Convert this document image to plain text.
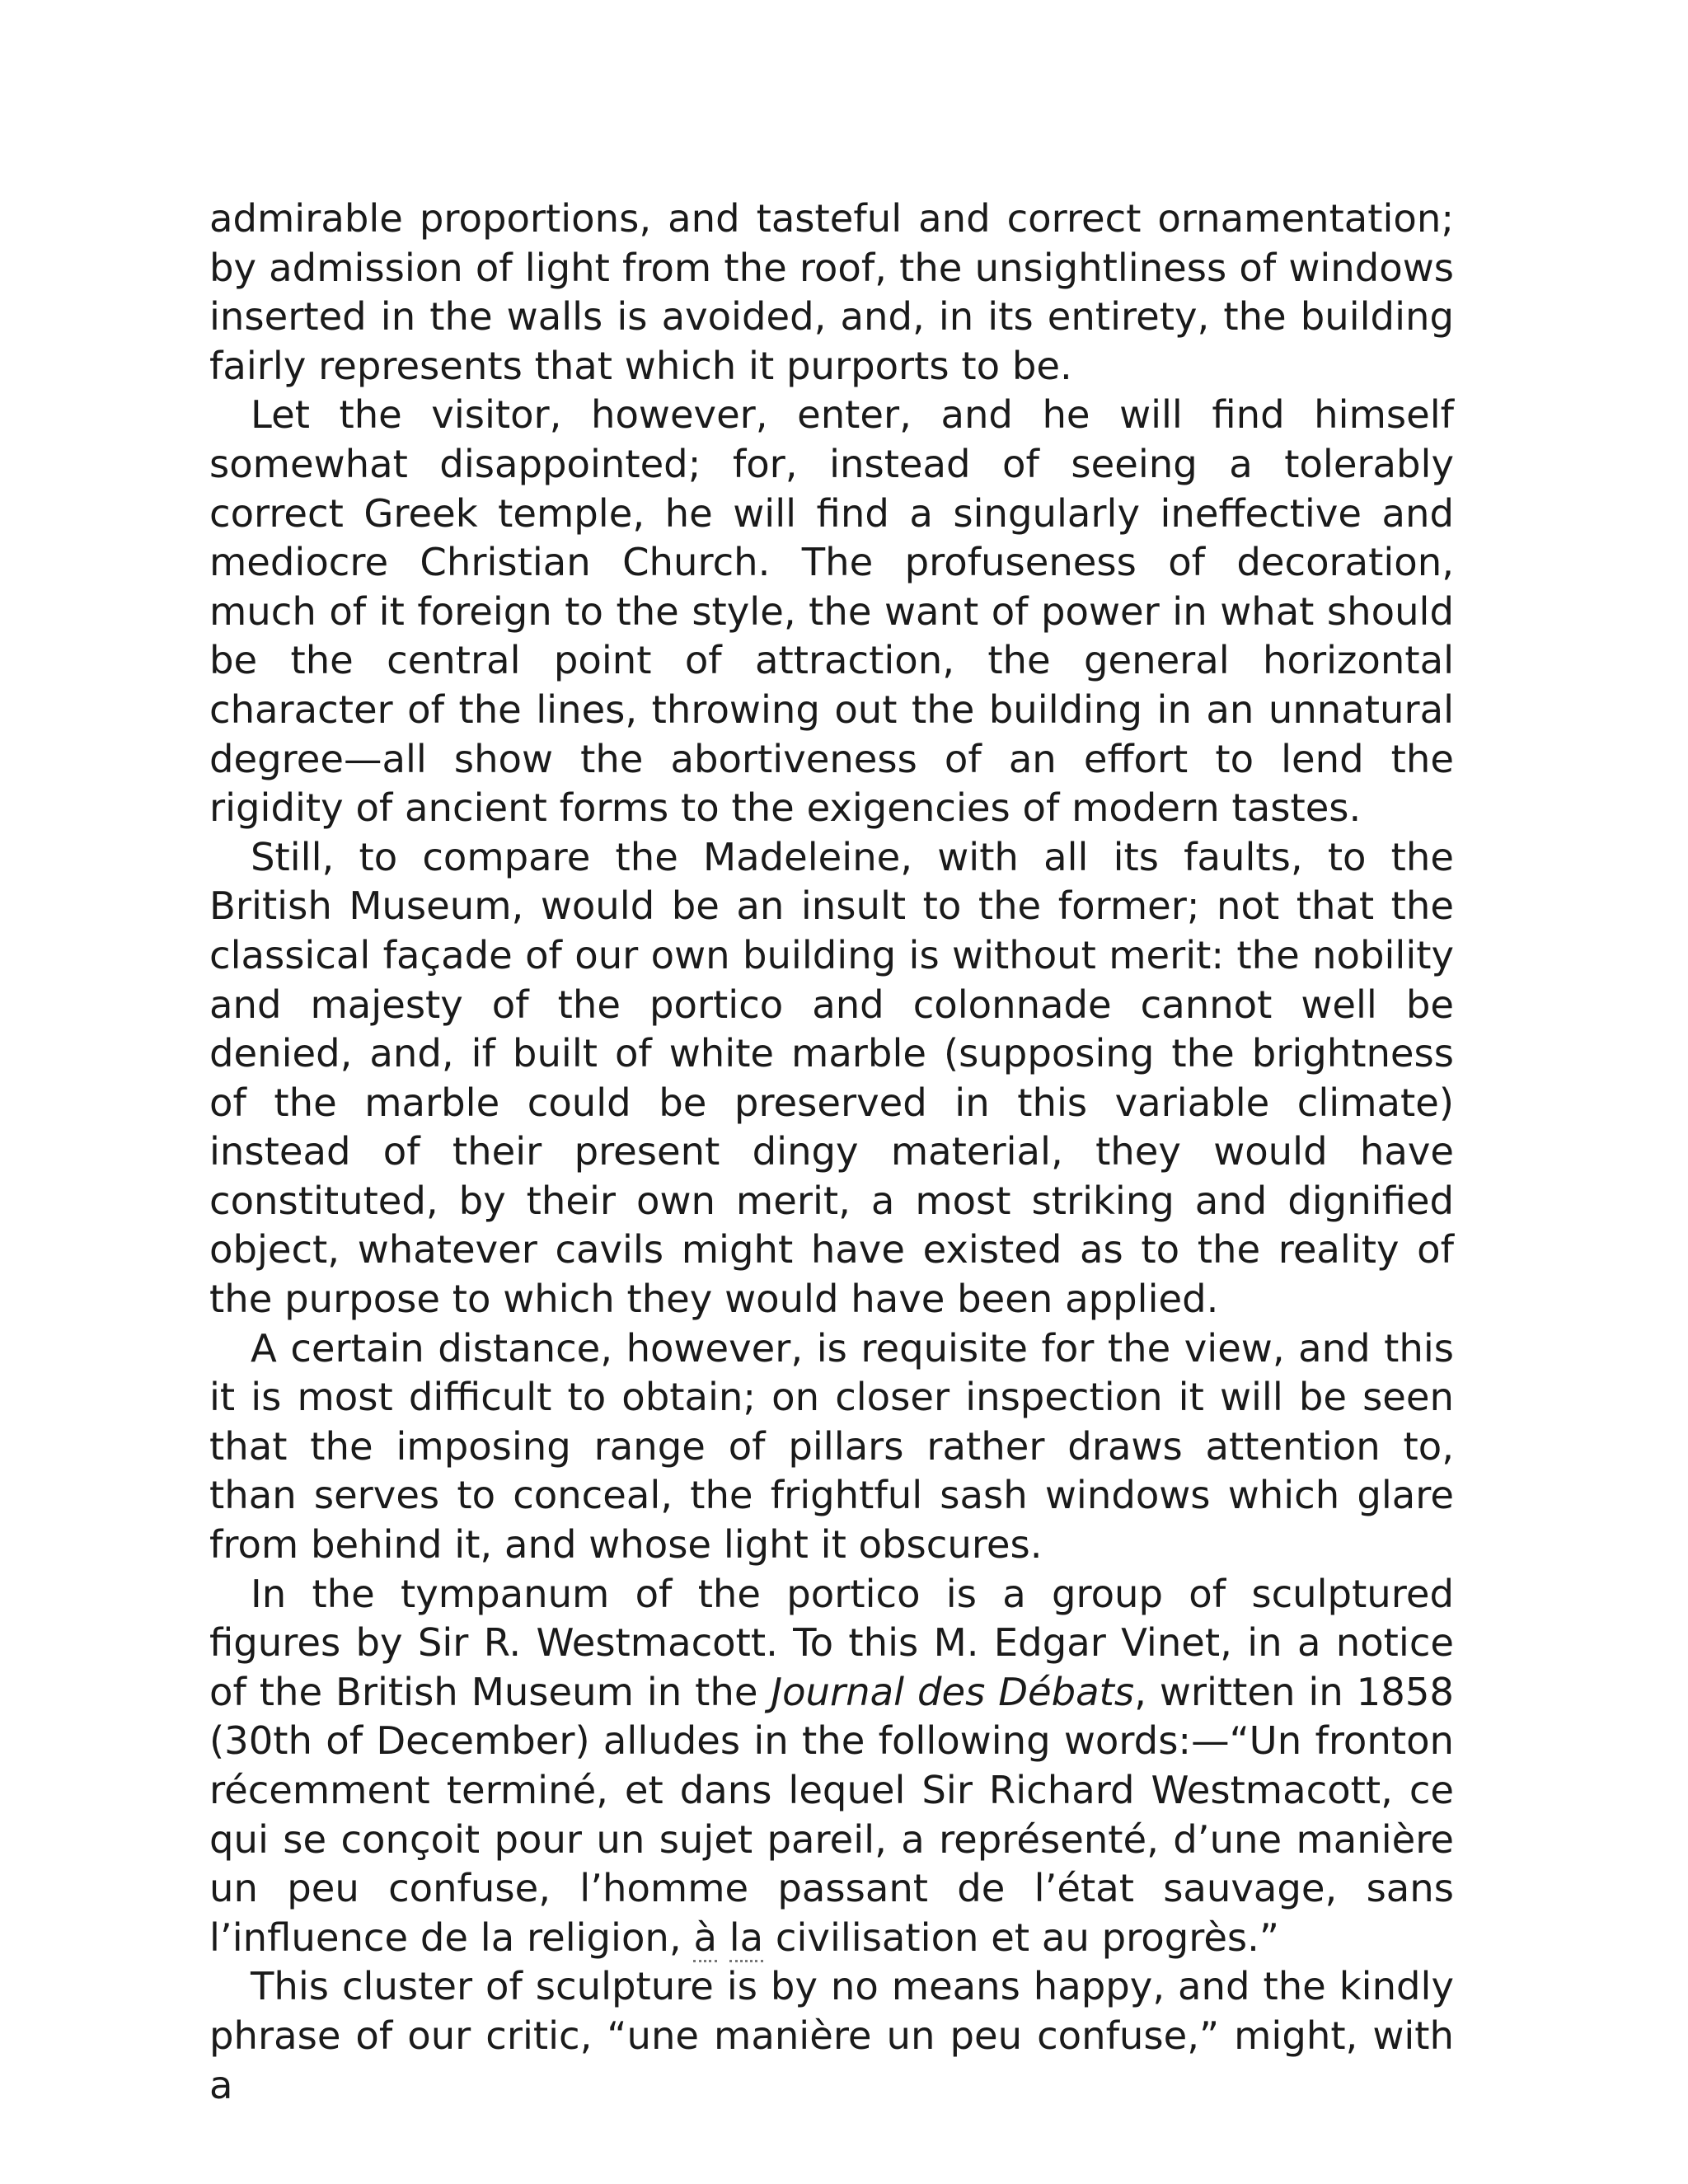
admirable proportions, and tasteful and correct ornamentation; by admission of light from the roof, the unsightliness of windows inserted in the walls is avoided, and, in its entirety, the building fairly represents that which it purports to be.

Let the visitor, however, enter, and he will find himself somewhat disappointed; for, instead of seeing a tolerably correct Greek temple, he will find a singularly ineffective and mediocre Christian Church. The profuseness of decoration, much of it foreign to the style, the want of power in what should be the central point of attraction, the general horizontal character of the lines, throwing out the building in an unnatural degree—all show the abortiveness of an effort to lend the rigidity of ancient forms to the exigencies of modern tastes.

Still, to compare the Madeleine, with all its faults, to the British Museum, would be an insult to the former; not that the classical façade of our own building is without merit: the nobility and majesty of the portico and colonnade cannot well be denied, and, if built of white marble (supposing the brightness of the marble could be preserved in this variable climate) instead of their present dingy material, they would have constituted, by their own merit, a most striking and dignified object, whatever cavils might have existed as to the reality of the purpose to which they would have been applied.

A certain distance, however, is requisite for the view, and this it is most difficult to obtain; on closer inspection it will be seen that the imposing range of pillars rather draws attention to, than serves to conceal, the frightful sash windows which glare from behind it, and whose light it obscures.

In the tympanum of the portico is a group of sculptured figures by Sir R. Westmacott. To this M. Edgar Vinet, in a notice of the British Museum in the Journal des Débats, written in 1858 (30th of December) alludes in the following words:—“Un fronton récemment terminé, et dans lequel Sir Richard Westmacott, ce qui se conçoit pour un sujet pareil, a représenté, d’une manière un peu confuse, l’homme passant de l’état sauvage, sans l’influence de la religion, à la civilisation et au progrès.”

This cluster of sculpture is by no means happy, and the kindly phrase of our critic, “une manière un peu confuse,” might, with a
